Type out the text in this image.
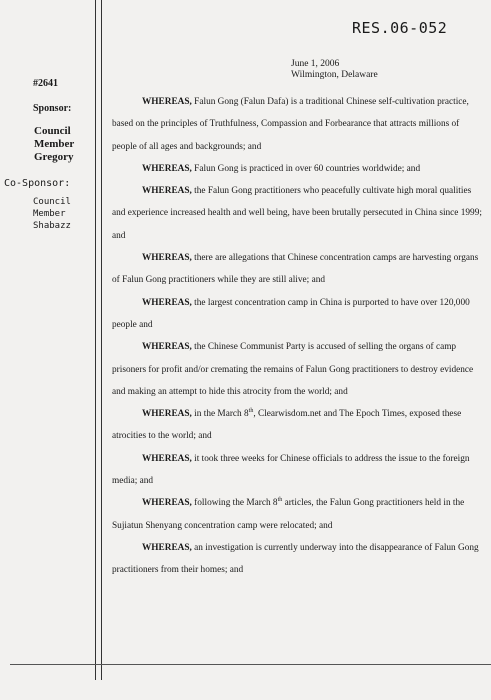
RES.06-052
#2641
Sponsor:
Council Member Gregory
Co-Sponsor:
Council Member Shabazz
June 1, 2006
Wilmington, Delaware

WHEREAS, Falun Gong (Falun Dafa) is a traditional Chinese self-cultivation practice, based on the principles of Truthfulness, Compassion and Forbearance that attracts millions of people of all ages and backgrounds; and

WHEREAS, Falun Gong is practiced in over 60 countries worldwide; and

WHEREAS, the Falun Gong practitioners who peacefully cultivate high moral qualities and experience increased health and well being, have been brutally persecuted in China since 1999; and

WHEREAS, there are allegations that Chinese concentration camps are harvesting organs of Falun Gong practitioners while they are still alive; and

WHEREAS, the largest concentration camp in China is purported to have over 120,000 people and

WHEREAS, the Chinese Communist Party is accused of selling the organs of camp prisoners for profit and/or cremating the remains of Falun Gong practitioners to destroy evidence and making an attempt to hide this atrocity from the world; and

WHEREAS, in the March 8th, Clearwisdom.net and The Epoch Times, exposed these atrocities to the world; and

WHEREAS, it took three weeks for Chinese officials to address the issue to the foreign media; and

WHEREAS, following the March 8th articles, the Falun Gong practitioners held in the Sujiatun Shenyang concentration camp were relocated; and

WHEREAS, an investigation is currently underway into the disappearance of Falun Gong practitioners from their homes; and
